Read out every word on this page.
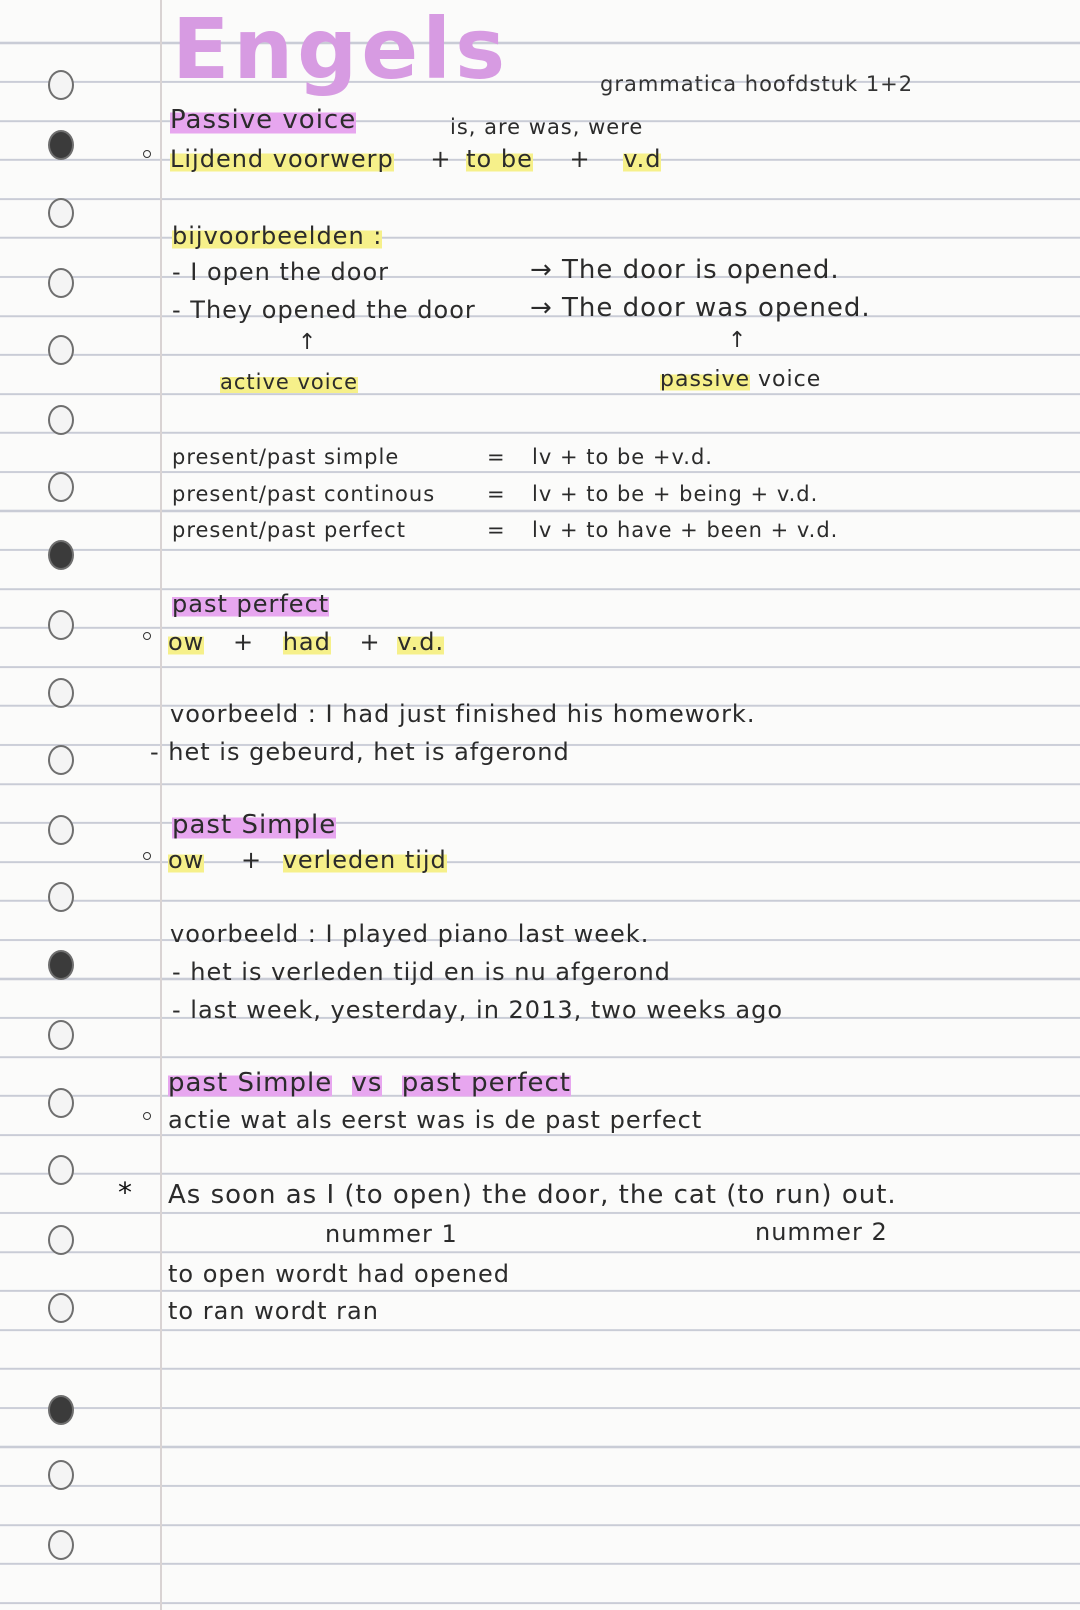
Engels	grammatica hoofdstuk 1+2
Passive voice	is, are was, were
Lijdend voorwerp + to be + v.d
bijvoorbeelden :
- I open the door	→ The door is opened.
- They opened the door → The door was opened.
↑	↑
active voice	passive voice
present/past simple	= lv + to be +v.d.
present/past continous = lv + to be + being + v.d.
present/past perfect	= lv + to have + been + v.d.
past perfect
ow + had + v.d.
voorbeeld : I had just finished his homework.
- het is gebeurd, het is afgerond
past Simple
ow + verleden tijd
voorbeeld : I played piano last week.
- het is verleden tijd en is nu afgerond
- last week, yesterday, in 2013, two weeks ago
past Simple vs past perfect
actie wat als eerst was is de past perfect
* As soon as I (to open) the door, the cat (to run) out.
nummer 1	nummer 2
to open wordt had opened
to ran wordt ran
